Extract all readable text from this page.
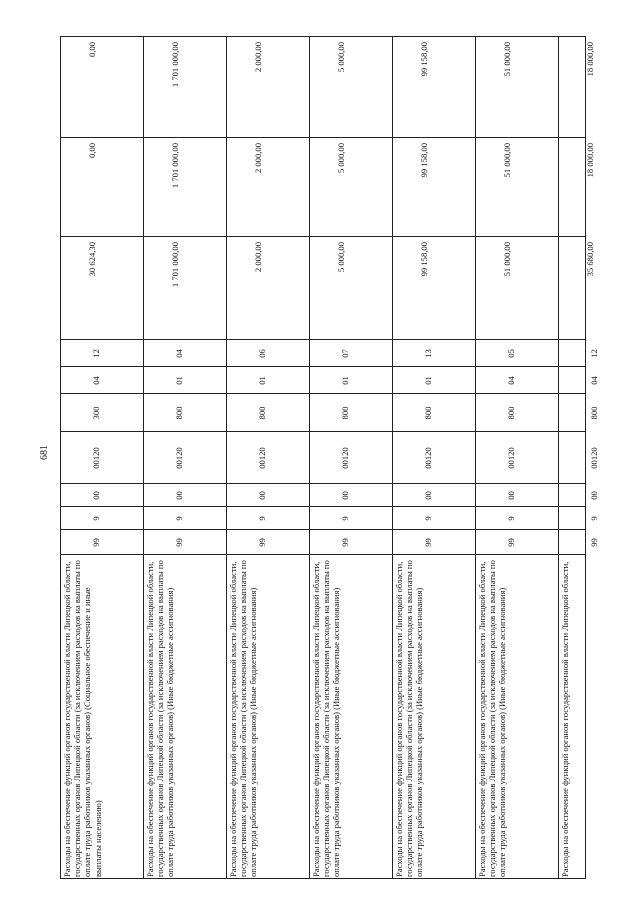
681
0,00
0,00
30 624,30
12
04
300
00120
00
9
99
Расходы на обеспечение функций органов государственной власти Липецкой области, государственных органов Липецкой области (за исключением расходов на выплаты по оплате труда работников указанных органов) (Социальное обеспечение и иные выплаты населению)
1 701 000,00
1 701 000,00
1 701 000,00
04
01
800
00120
00
9
99
Расходы на обеспечение функций органов государственной власти Липецкой области, государственных органов Липецкой области (за исключением расходов на выплаты по оплате труда работников указанных органов) (Иные бюджетные ассигнования)
2 000,00
2 000,00
2 000,00
06
01
800
00120
00
9
99
Расходы на обеспечение функций органов государственной власти Липецкой области, государственных органов Липецкой области (за исключением расходов на выплаты по оплате труда работников указанных органов) (Иные бюджетные ассигнования)
5 000,00
5 000,00
5 000,00
07
01
800
00120
00
9
99
Расходы на обеспечение функций органов государственной власти Липецкой области, государственных органов Липецкой области (за исключением расходов на выплаты по оплате труда работников указанных органов) (Иные бюджетные ассигнования)
99 158,00
99 158,00
99 158,00
13
01
800
00120
00
9
99
Расходы на обеспечение функций органов государственной власти Липецкой области, государственных органов Липецкой области (за исключением расходов на выплаты по оплате труда работников указанных органов) (Иные бюджетные ассигнования)
51 000,00
51 000,00
51 000,00
05
04
800
00120
00
9
99
Расходы на обеспечение функций органов государственной власти Липецкой области, государственных органов Липецкой области (за исключением расходов на выплаты по оплате труда работников указанных органов) (Иные бюджетные ассигнования)
18 000,00
18 000,00
35 680,00
12
04
800
00120
00
9
99
Расходы на обеспечение функций органов государственной власти Липецкой области,
